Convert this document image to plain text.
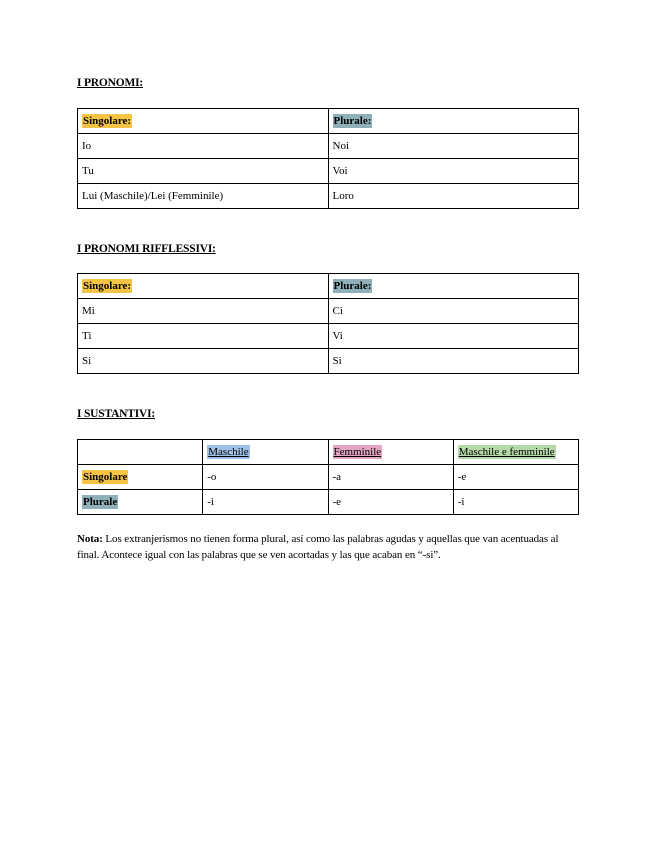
I PRONOMI:
Singolare:	Plurale:
Io	Noi
Tu	Voi
Lui (Maschile)/Lei (Femminile)	Loro
I PRONOMI RIFFLESSIVI:
Singolare:	Plurale:
Mi	Ci
Ti	Vi
Si	Si
I SUSTANTIVI:
	Maschile	Femminile	Maschile e femminile
Singolare	-o	-a	-e
Plurale	-i	-e	-i
Nota: Los extranjerismos no tienen forma plural, así como las palabras agudas y aquellas que van acentuadas al final. Acontece igual con las palabras que se ven acortadas y las que acaban en “-si”.
